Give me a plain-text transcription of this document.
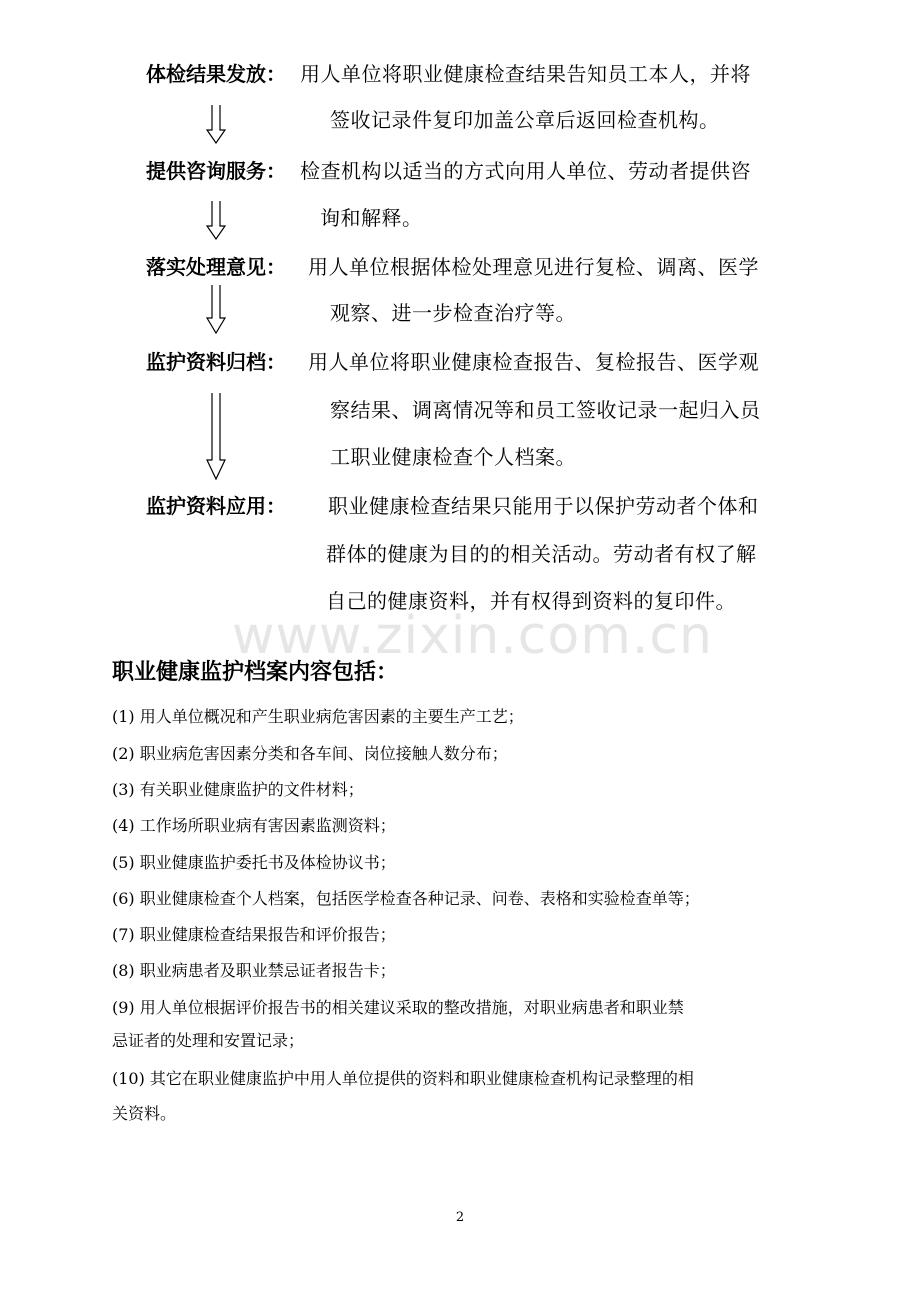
www.zixin.com.cn
体检结果发放： 用人单位将职业健康检查结果告知员工本人，并将
签收记录件复印加盖公章后返回检查机构。
提供咨询服务： 检查机构以适当的方式向用人单位、劳动者提供咨
询和解释。
落实处理意见： 用人单位根据体检处理意见进行复检、调离、医学
观察、进一步检查治疗等。
监护资料归档： 用人单位将职业健康检查报告、复检报告、医学观
察结果、调离情况等和员工签收记录一起归入员
工职业健康检查个人档案。
监护资料应用： 职业健康检查结果只能用于以保护劳动者个体和
群体的健康为目的的相关活动。劳动者有权了解
自己的健康资料，并有权得到资料的复印件。
职业健康监护档案内容包括：
(1) 用人单位概况和产生职业病危害因素的主要生产工艺；
(2) 职业病危害因素分类和各车间、岗位接触人数分布；
(3) 有关职业健康监护的文件材料；
(4) 工作场所职业病有害因素监测资料；
(5) 职业健康监护委托书及体检协议书；
(6) 职业健康检查个人档案，包括医学检查各种记录、问卷、表格和实验检查单等；
(7) 职业健康检查结果报告和评价报告；
(8) 职业病患者及职业禁忌证者报告卡；
(9) 用人单位根据评价报告书的相关建议采取的整改措施，对职业病患者和职业禁
忌证者的处理和安置记录；
(10) 其它在职业健康监护中用人单位提供的资料和职业健康检查机构记录整理的相
关资料。
2
